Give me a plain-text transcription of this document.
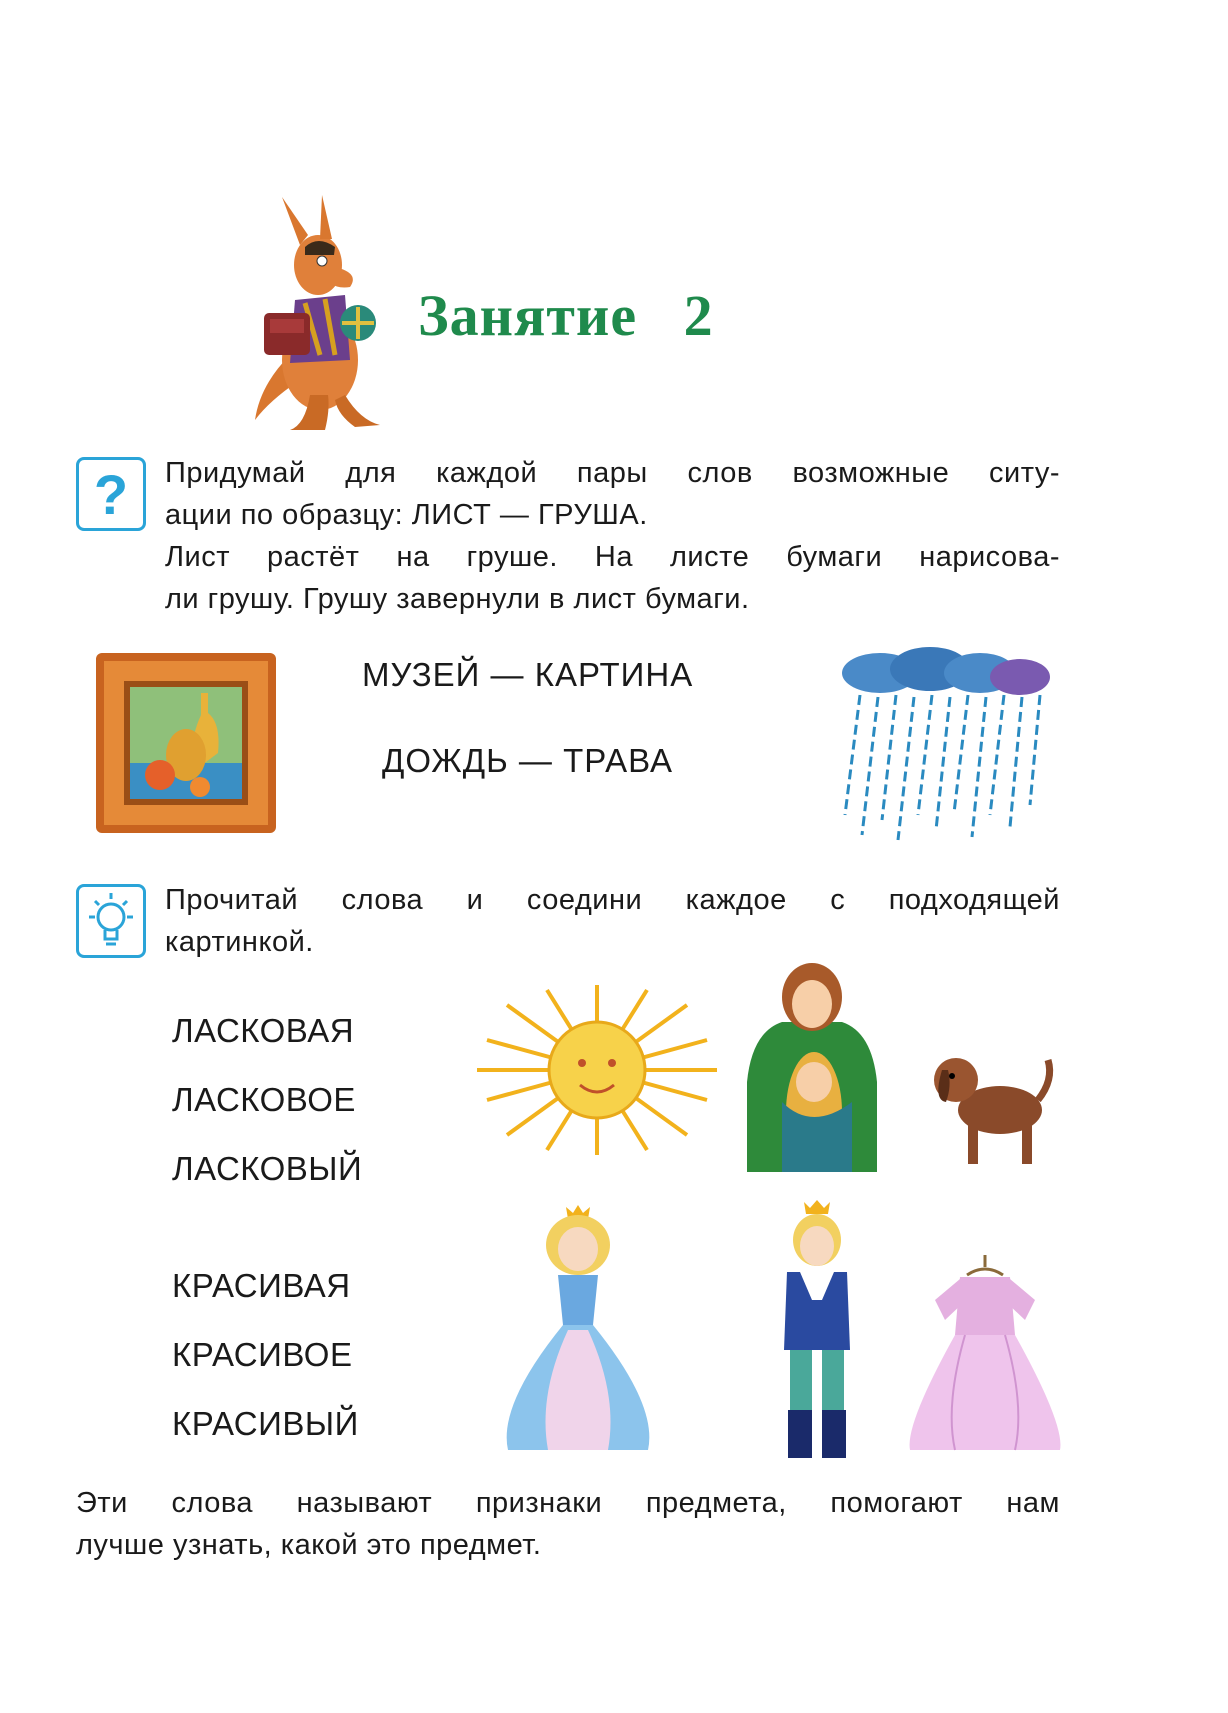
Занятие   2
? Придумай для каждой пары слов возможные ситу-
ации по образцу: ЛИСТ — ГРУША.
Лист растёт на груше. На листе бумаги нарисова-
ли грушу. Грушу завернули в лист бумаги.
МУЗЕЙ — КАРТИНА
ДОЖДЬ — ТРАВА
Прочитай слова и соедини каждое с подходящей
картинкой.
ЛАСКОВАЯ
ЛАСКОВОЕ
ЛАСКОВЫЙ
КРАСИВАЯ
КРАСИВОЕ
КРАСИВЫЙ
Эти слова называют признаки предмета, помогают нам
лучше узнать, какой это предмет.
